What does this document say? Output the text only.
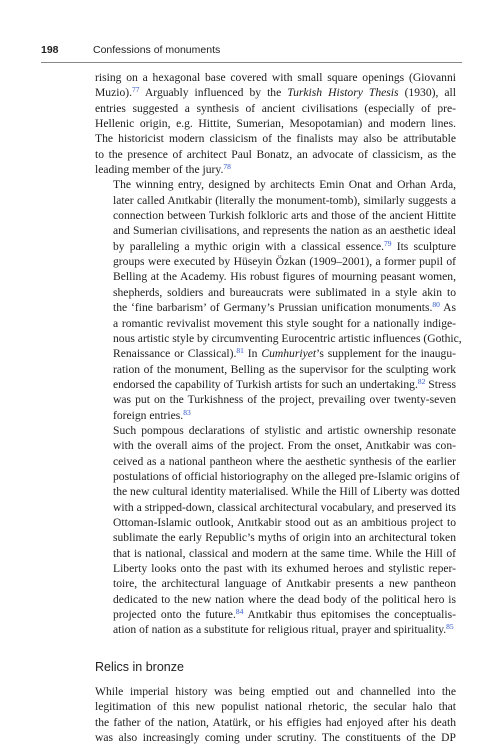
198	Confessions of monuments

rising on a hexagonal base covered with small square openings (Giovanni
Muzio).$^{77}$ Arguably influenced by the Turkish History Thesis (1930), all
entries suggested a synthesis of ancient civilisations (especially of pre-
Hellenic origin, e.g. Hittite, Sumerian, Mesopotamian) and modern lines.
The historicist modern classicism of the finalists may also be attributable
to the presence of architect Paul Bonatz, an advocate of classicism, as the
leading member of the jury.$^{78}$

The winning entry, designed by architects Emin Onat and Orhan Arda,
later called Anıtkabir (literally the monument-tomb), similarly suggests a
connection between Turkish folkloric arts and those of the ancient Hittite
and Sumerian civilisations, and represents the nation as an aesthetic ideal
by paralleling a mythic origin with a classical essence.$^{79}$ Its sculpture
groups were executed by Hüseyin Özkan (1909–2001), a former pupil of
Belling at the Academy. His robust figures of mourning peasant women,
shepherds, soldiers and bureaucrats were sublimated in a style akin to
the ‘fine barbarism’ of Germany’s Prussian unification monuments.$^{80}$ As
a romantic revivalist movement this style sought for a nationally indige-
nous artistic style by circumventing Eurocentric artistic influences (Gothic,
Renaissance or Classical).$^{81}$ In Cumhuriyet’s supplement for the inaugu-
ration of the monument, Belling as the supervisor for the sculpting work
endorsed the capability of Turkish artists for such an undertaking.$^{82}$ Stress
was put on the Turkishness of the project, prevailing over twenty-seven
foreign entries.$^{83}$

Such pompous declarations of stylistic and artistic ownership resonate
with the overall aims of the project. From the onset, Anıtkabir was con-
ceived as a national pantheon where the aesthetic synthesis of the earlier
postulations of official historiography on the alleged pre-Islamic origins of
the new cultural identity materialised. While the Hill of Liberty was dotted
with a stripped-down, classical architectural vocabulary, and preserved its
Ottoman-Islamic outlook, Anıtkabir stood out as an ambitious project to
sublimate the early Republic’s myths of origin into an architectural token
that is national, classical and modern at the same time. While the Hill of
Liberty looks onto the past with its exhumed heroes and stylistic reper-
toire, the architectural language of Anıtkabir presents a new pantheon
dedicated to the new nation where the dead body of the political hero is
projected onto the future.$^{84}$ Anıtkabir thus epitomises the conceptualis-
ation of nation as a substitute for religious ritual, prayer and spirituality.$^{85}$

Relics in bronze

While imperial history was being emptied out and channelled into the
legitimation of this new populist national rhetoric, the secular halo that
the father of the nation, Atatürk, or his effigies had enjoyed after his death
was also increasingly coming under scrutiny. The constituents of the DP
